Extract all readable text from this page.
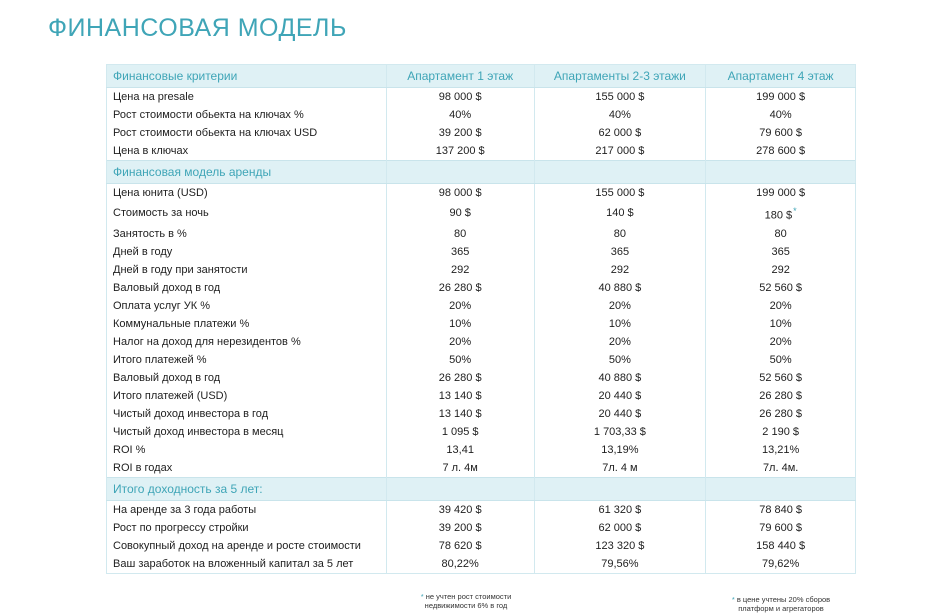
ФИНАНСОВАЯ МОДЕЛЬ
Финансовые критерии	Апартамент 1 этаж	Апартаменты 2-3 этажи	Апартамент 4 этаж
Цена на presale	98 000 $	155 000 $	199 000 $
Рост стоимости обьекта на ключах %	40%	40%	40%
Рост стоимости обьекта на ключах USD	39 200 $	62 000 $	79 600 $
Цена в ключах	137 200 $	217 000 $	278 600 $
Финансовая модель аренды			
Цена юнита (USD)	98 000 $	155 000 $	199 000 $
Стоимость за ночь	90 $	140 $	180 $*
Занятость в %	80	80	80
Дней в году	365	365	365
Дней в году при занятости	292	292	292
Валовый доход в год	26 280 $	40 880 $	52 560 $
Оплата услуг УК %	20%	20%	20%
Коммунальные платежи %	10%	10%	10%
Налог на доход для нерезидентов %	20%	20%	20%
Итого платежей %	50%	50%	50%
Валовый доход в год	26 280 $	40 880 $	52 560 $
Итого платежей (USD)	13 140 $	20 440 $	26 280 $
Чистый доход инвестора в год	13 140 $	20 440 $	26 280 $
Чистый доход инвестора в месяц	1 095 $	1 703,33 $	2 190 $
ROI %	13,41	13,19%	13,21%
ROI в годах	7 л. 4м	7л. 4 м	7л. 4м.
Итого доходность за 5 лет:			
На аренде за 3 года работы	39 420 $	61 320 $	78 840 $
Рост по прогрессу стройки	39 200 $	62 000 $	79 600 $
Совокупный доход на аренде и росте стоимости	78 620 $	123 320 $	158 440 $
Ваш заработок на вложенный капитал за 5 лет	80,22%	79,56%	79,62%
* не учтен рост стоимости
недвижимости 6% в год
* в цене учтены 20% сборов
платформ и агрегаторов
